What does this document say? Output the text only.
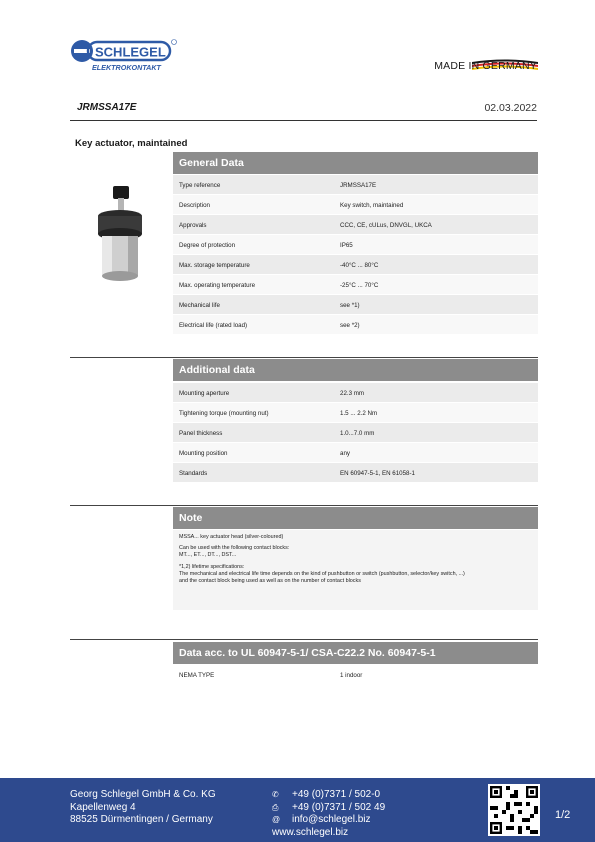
SCHLEGEL
ELEKTROKONTAKT	MADE IN GERMANY
JRMSSA17E	02.03.2022
Key actuator, maintained
General Data
Type reference	JRMSSA17E
Description	Key switch, maintained
Approvals	CCC, CE, cULus, DNVGL, UKCA
Degree of protection	IP65
Max. storage temperature	-40°C ... 80°C
Max. operating temperature	-25°C ... 70°C
Mechanical life	see *1)
Electrical life (rated load)	see *2)
Additional data
Mounting aperture	22.3 mm
Tightening torque (mounting nut)	1.5 ... 2.2 Nm
Panel thickness	1.0...7.0 mm
Mounting position	any
Standards	EN 60947-5-1, EN 61058-1
Note

MSSA... key actuator head (silver-coloured)

Can be used with the following contact blocks:

MT..., ET..., DT..., DST...

*1,2) lifetime specifications:

The mechanical and electrical life time depends on the kind of pushbutton or switch (pushbutton, selector/key switch, ...)

and the contact block being used as well as on the number of contact blocks

Data acc. to UL 60947-5-1/ CSA-C22.2 No. 60947-5-1
NEMA TYPE	1 indoor
Georg Schlegel GmbH & Co. KG
Kapellenweg 4
88525 Dürmentingen / Germany
✆ +49 (0)7371 / 502-0
⎙ +49 (0)7371 / 502 49
@ info@schlegel.biz
www.schlegel.biz
1/2
